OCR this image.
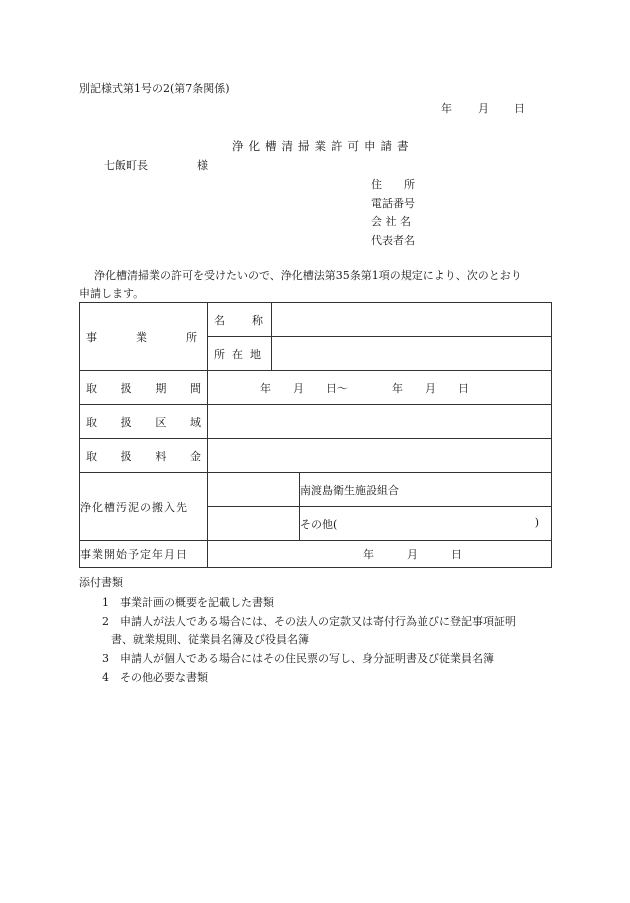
別記様式第1号の2(第7条関係)
年 月 日
浄化槽清掃業許可申請書
七飯町長	様
住　　所
電話番号
会 社 名
代表者名
浄化槽清掃業の許可を受けたいので、浄化槽法第35条第1項の規定により、次のとおり
申請します。
事 業 所	名 称		

	所 在 地		

取 扱 期 間	年　　月　　日〜　　　　年　　月　　日		

取 扱 区 域			

取 扱 料 金			

浄化槽汚泥の搬入先			南渡島衛生施設組合

			その他( )

事業開始予定年月日	年　　　月　　　日		
添付書類
1　事業計画の概要を記載した書類
2　申請人が法人である場合には、その法人の定款又は寄付行為並びに登記事項証明
書、就業規則、従業員名簿及び役員名簿
3　申請人が個人である場合にはその住民票の写し、身分証明書及び従業員名簿
4　その他必要な書類
